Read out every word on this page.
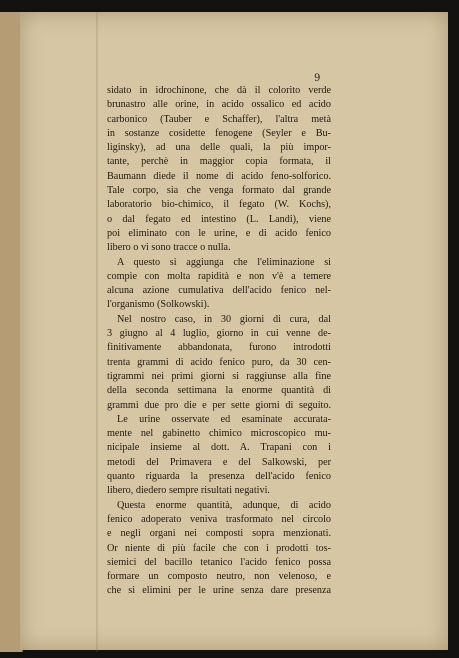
9
sidato in idrochinone, che dà il colorito verde
brunastro alle orine, in acido ossalico ed acido
carbonico (Tauber e Schaffer), l'altra metà
in sostanze cosidette fenogene (Seyler e Bu-
liginsky), ad una delle quali, la più impor-
tante, perchè in maggior copia formata, il
Baumann diede il nome di acido feno-solforico.
Tale corpo, sia che venga formato dal grande
laboratorio bio-chimico, il fegato (W. Kochs),
o dal fegato ed intestino (L. Landi), viene
poi eliminato con le urine, e di acido fenico
libero o vi sono tracce o nulla.
A questo si aggiunga che l'eliminazione si
compie con molta rapidità e non v'è a temere
alcuna azione cumulativa dell'acido fenico nel-
l'organismo (Solkowski).
Nel nostro caso, in 30 giorni di cura, dal
3 giugno al 4 luglio, giorno in cui venne de-
finitivamente abbandonata, furono introdotti
trenta grammi di acido fenico puro, da 30 cen-
tigrammi nei primi giorni si raggiunse alla fine
della seconda settimana la enorme quantità di
grammi due pro die e per sette giorni di seguito.
Le urine osservate ed esaminate accurata-
mente nel gabinetto chimico microscopico mu-
nicipale insieme al dott. A. Trapani con i
metodi del Primavera e del Salkowski, per
quanto riguarda la presenza dell'acido fenico
libero, diedero sempre risultati negativi.
Questa enorme quantità, adunque, di acido
fenico adoperato veniva trasformato nel circolo
e negli organi nei composti sopra menzionati.
Or niente di più facile che con i prodotti tos-
siemici del bacillo tetanico l'acido fenico possa
formare un composto neutro, non velenoso, e
che si elimini per le urine senza dare presenza
